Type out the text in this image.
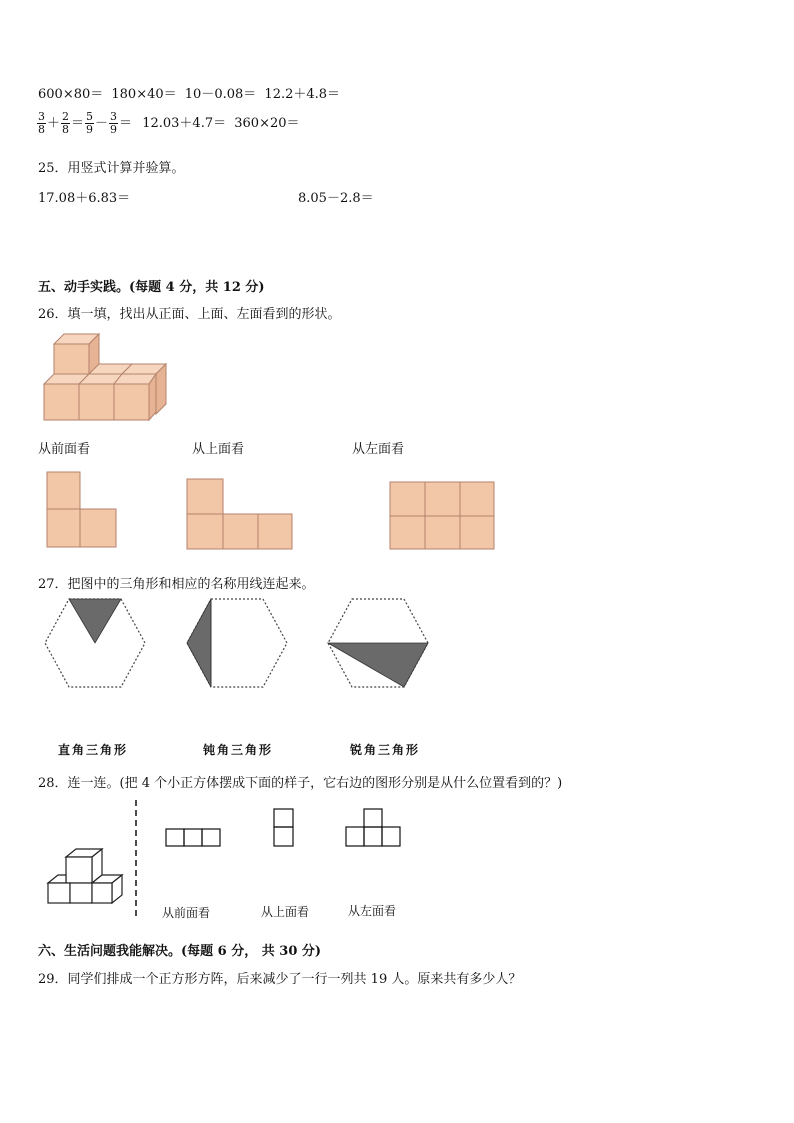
600×80＝ 180×40＝ 10－0.08＝ 12.2＋4.8＝
$\frac{3}{8} + \frac{2}{8} = \frac{5}{9} - \frac{3}{9} = 12.03+4.7= 360\times 20=$
25．用竖式计算并验算。
17.08＋6.83＝	8.05－2.8＝
五、动手实践。(每题 4 分，共 12 分)
26．填一填，找出从正面、上面、左面看到的形状。
从前面看	从上面看	从左面看
27．把图中的三角形和相应的名称用线连起来。
直角三角形	钝角三角形	锐角三角形
28．连一连。(把 4 个小正方体摆成下面的样子，它右边的图形分别是从什么位置看到的？)
从前面看	从上面看	从左面看
六、生活问题我能解决。(每题 6 分， 共 30 分)
29．同学们排成一个正方形方阵，后来减少了一行一列共 19 人。原来共有多少人？
